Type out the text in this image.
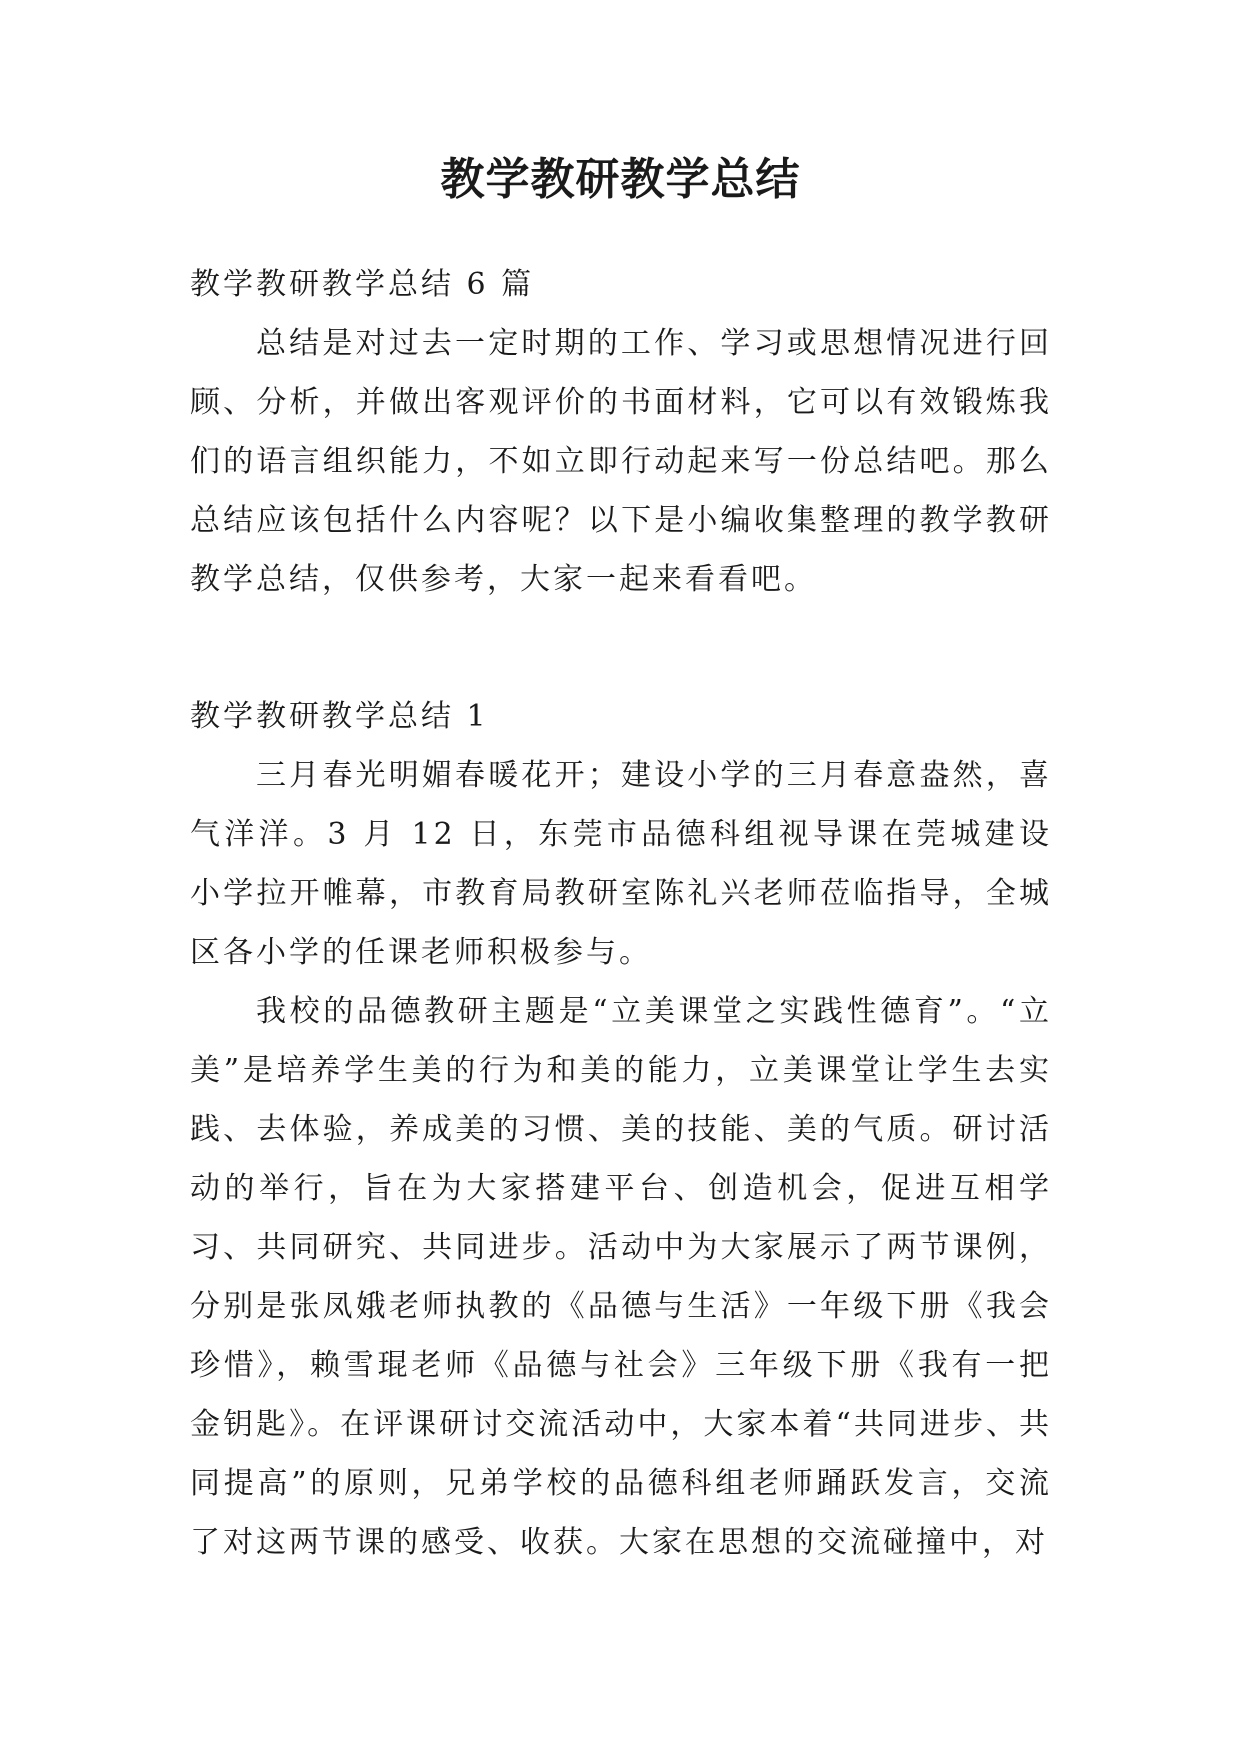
教学教研教学总结

教学教研教学总结 6 篇

总结是对过去一定时期的工作、学习或思想情况进行回顾、分析，并做出客观评价的书面材料，它可以有效锻炼我们的语言组织能力，不如立即行动起来写一份总结吧。那么总结应该包括什么内容呢？以下是小编收集整理的教学教研教学总结，仅供参考，大家一起来看看吧。

教学教研教学总结 1

三月春光明媚春暖花开；建设小学的三月春意盎然，喜气洋洋。3 月 12 日，东莞市品德科组视导课在莞城建设小学拉开帷幕，市教育局教研室陈礼兴老师莅临指导，全城区各小学的任课老师积极参与。

我校的品德教研主题是“立美课堂之实践性德育”。“立美”是培养学生美的行为和美的能力，立美课堂让学生去实践、去体验，养成美的习惯、美的技能、美的气质。研讨活动的举行，旨在为大家搭建平台、创造机会，促进互相学习、共同研究、共同进步。活动中为大家展示了两节课例，分别是张凤娥老师执教的《品德与生活》一年级下册《我会珍惜》，赖雪琨老师《品德与社会》三年级下册《我有一把金钥匙》。在评课研讨交流活动中，大家本着“共同进步、共同提高”的原则，兄弟学校的品德科组老师踊跃发言，交流了对这两节课的感受、收获。大家在思想的交流碰撞中，对
